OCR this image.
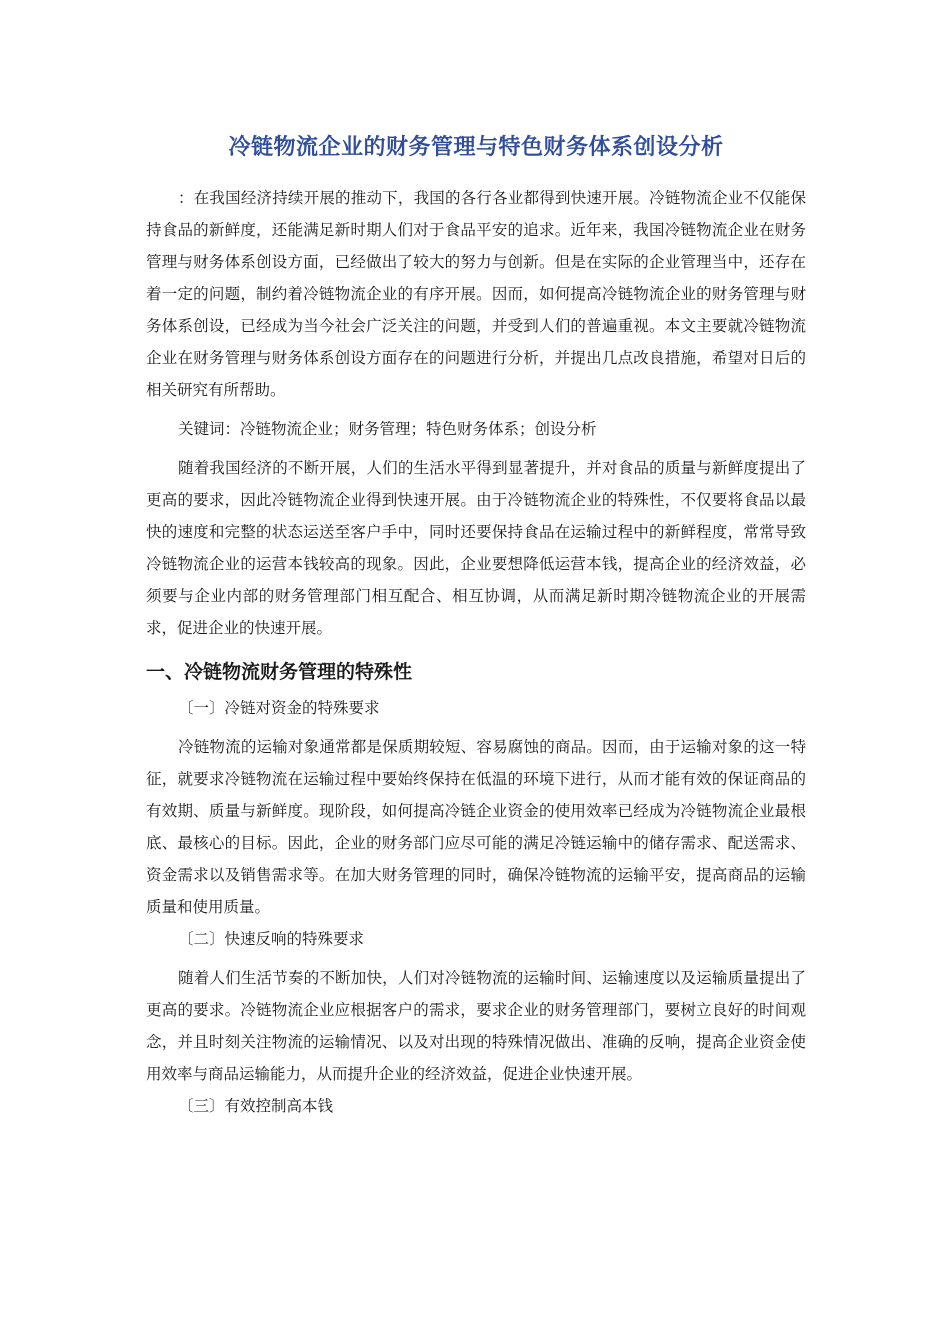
冷链物流企业的财务管理与特色财务体系创设分析

：在我国经济持续开展的推动下，我国的各行各业都得到快速开展。冷链物流企业不仅能保持食品的新鲜度，还能满足新时期人们对于食品平安的追求。近年来，我国冷链物流企业在财务管理与财务体系创设方面，已经做出了较大的努力与创新。但是在实际的企业管理当中，还存在着一定的问题，制约着冷链物流企业的有序开展。因而，如何提高冷链物流企业的财务管理与财务体系创设，已经成为当今社会广泛关注的问题，并受到人们的普遍重视。本文主要就冷链物流企业在财务管理与财务体系创设方面存在的问题进行分析，并提出几点改良措施，希望对日后的相关研究有所帮助。

关键词：冷链物流企业；财务管理；特色财务体系；创设分析

随着我国经济的不断开展，人们的生活水平得到显著提升，并对食品的质量与新鲜度提出了更高的要求，因此冷链物流企业得到快速开展。由于冷链物流企业的特殊性，不仅要将食品以最快的速度和完整的状态运送至客户手中，同时还要保持食品在运输过程中的新鲜程度，常常导致冷链物流企业的运营本钱较高的现象。因此，企业要想降低运营本钱，提高企业的经济效益，必须要与企业内部的财务管理部门相互配合、相互协调，从而满足新时期冷链物流企业的开展需求，促进企业的快速开展。

一、冷链物流财务管理的特殊性

〔一〕冷链对资金的特殊要求

冷链物流的运输对象通常都是保质期较短、容易腐蚀的商品。因而，由于运输对象的这一特征，就要求冷链物流在运输过程中要始终保持在低温的环境下进行，从而才能有效的保证商品的有效期、质量与新鲜度。现阶段，如何提高冷链企业资金的使用效率已经成为冷链物流企业最根底、最核心的目标。因此，企业的财务部门应尽可能的满足冷链运输中的储存需求、配送需求、资金需求以及销售需求等。在加大财务管理的同时，确保冷链物流的运输平安，提高商品的运输质量和使用质量。

〔二〕快速反响的特殊要求

随着人们生活节奏的不断加快，人们对冷链物流的运输时间、运输速度以及运输质量提出了更高的要求。冷链物流企业应根据客户的需求，要求企业的财务管理部门，要树立良好的时间观念，并且时刻关注物流的运输情况、以及对出现的特殊情况做出、准确的反响，提高企业资金使用效率与商品运输能力，从而提升企业的经济效益，促进企业快速开展。

〔三〕有效控制高本钱
